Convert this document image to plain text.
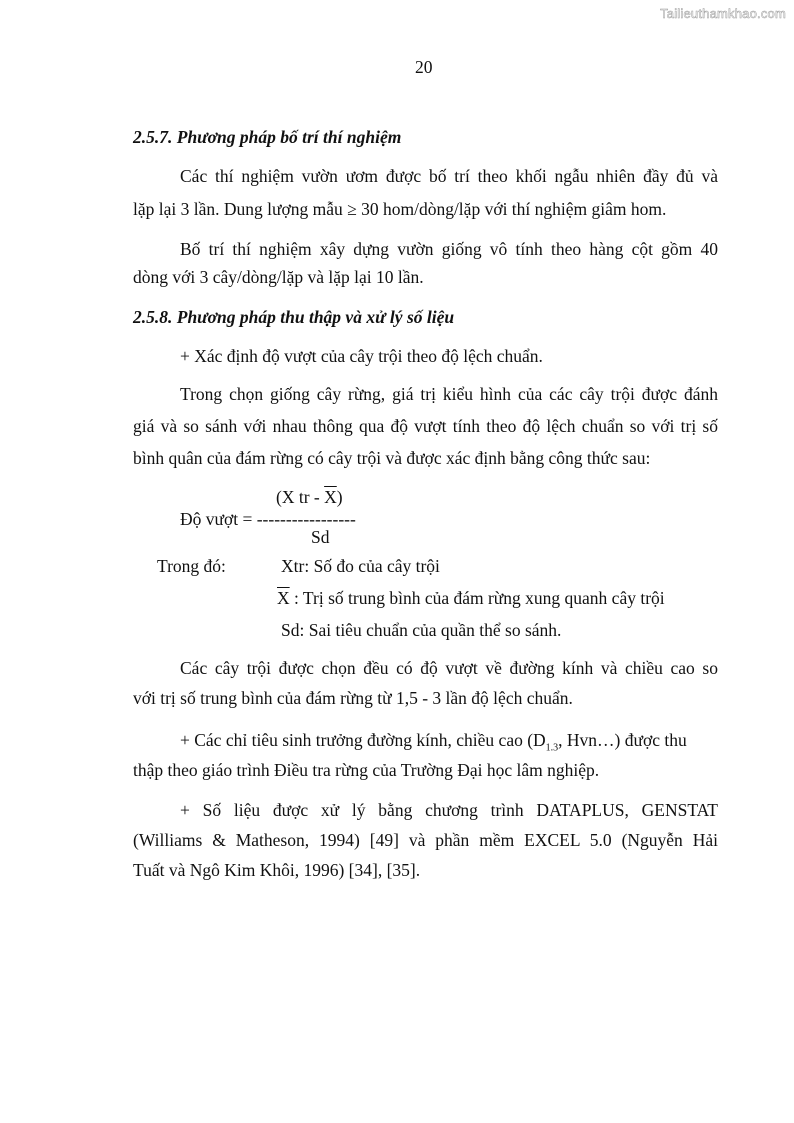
Tailieuthamkhao.com
20
2.5.7. Phương pháp bố trí thí nghiệm
Các thí nghiệm vườn ươm được bố trí theo khối ngẫu nhiên đầy đủ và
lặp lại 3 lần. Dung lượng mẫu ≥ 30 hom/dòng/lặp với thí nghiệm giâm hom.
Bố trí thí nghiệm xây dựng vườn giống vô tính theo hàng cột gồm 40
dòng với 3 cây/dòng/lặp và lặp lại 10 lần.
2.5.8. Phương pháp thu thập và xử lý số liệu
+ Xác định độ vượt của cây trội theo độ lệch chuẩn.
Trong chọn giống cây rừng, giá trị kiểu hình của các cây trội được đánh
giá và so sánh với nhau thông qua độ vượt tính theo độ lệch chuẩn so với trị số
bình quân của đám rừng có cây trội và được xác định bằng công thức sau:
(X tr - $\overline{X}$)
Độ vượt = -----------------
Sd
Trong đó:	Xtr: Số đo của cây trội
$\overline{X}$ : Trị số trung bình của đám rừng xung quanh cây trội
Sd: Sai tiêu chuẩn của quần thể so sánh.
Các cây trội được chọn đều có độ vượt về đường kính và chiều cao so
với trị số trung bình của đám rừng từ 1,5 - 3 lần độ lệch chuẩn.
+ Các chỉ tiêu sinh trưởng đường kính, chiều cao (D $_{1.3}$, Hvn…) được thu
thập theo giáo trình Điều tra rừng của Trường Đại học lâm nghiệp.
+ Số liệu được xử lý bằng chương trình DATAPLUS, GENSTAT
(Williams & Matheson, 1994) [49] và phần mềm EXCEL 5.0 (Nguyễn Hải
Tuất và Ngô Kim Khôi, 1996) [34], [35].
